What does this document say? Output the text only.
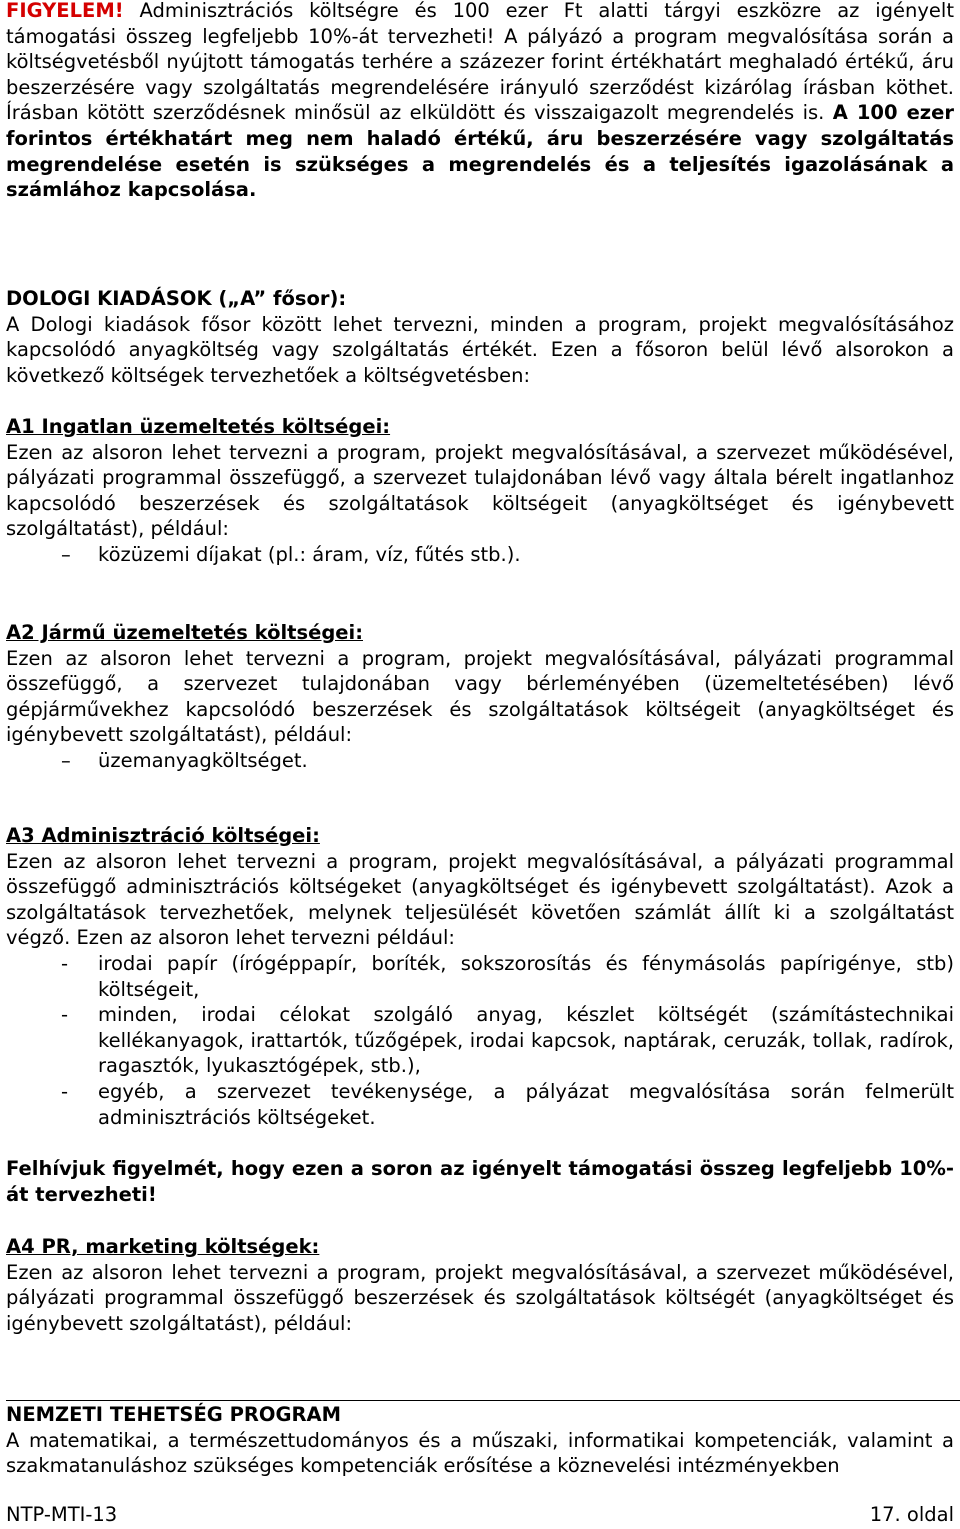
FIGYELEM! Adminisztrációs költségre és 100 ezer Ft alatti tárgyi eszközre az igényelt támogatási összeg legfeljebb 10%-át tervezheti! A pályázó a program megvalósítása során a költségvetésből nyújtott támogatás terhére a százezer forint értékhatárt meghaladó értékű, áru beszerzésére vagy szolgáltatás megrendelésére irányuló szerződést kizárólag írásban köthet. Írásban kötött szerződésnek minősül az elküldött és visszaigazolt megrendelés is. A 100 ezer forintos értékhatárt meg nem haladó értékű, áru beszerzésére vagy szolgáltatás megrendelése esetén is szükséges a megrendelés és a teljesítés igazolásának a számlához kapcsolása.

DOLOGI KIADÁSOK („A” fősor):

A Dologi kiadások fősor között lehet tervezni, minden a program, projekt megvalósításához kapcsolódó anyagköltség vagy szolgáltatás értékét. Ezen a fősoron belül lévő alsorokon a következő költségek tervezhetőek a költségvetésben:

A1 Ingatlan üzemeltetés költségei:

Ezen az alsoron lehet tervezni a program, projekt megvalósításával, a szervezet működésével, pályázati programmal összefüggő, a szervezet tulajdonában lévő vagy általa bérelt ingatlanhoz kapcsolódó beszerzések és szolgáltatások költségeit (anyagköltséget és igénybevett szolgáltatást), például:

– közüzemi díjakat (pl.: áram, víz, fűtés stb.).

A2 Jármű üzemeltetés költségei:

Ezen az alsoron lehet tervezni a program, projekt megvalósításával, pályázati programmal összefüggő, a szervezet tulajdonában vagy bérleményében (üzemeltetésében) lévő gépjárművekhez kapcsolódó beszerzések és szolgáltatások költségeit (anyagköltséget és igénybevett szolgáltatást), például:

– üzemanyagköltséget.

A3 Adminisztráció költségei:

Ezen az alsoron lehet tervezni a program, projekt megvalósításával, a pályázati programmal összefüggő adminisztrációs költségeket (anyagköltséget és igénybevett szolgáltatást). Azok a szolgáltatások tervezhetőek, melynek teljesülését követően számlát állít ki a szolgáltatást végző. Ezen az alsoron lehet tervezni például:

- irodai papír (írógéppapír, boríték, sokszorosítás és fénymásolás papírigénye, stb) költségeit,

- minden, irodai célokat szolgáló anyag, készlet költségét (számítástechnikai kellékanyagok, irattartók, tűzőgépek, irodai kapcsok, naptárak, ceruzák, tollak, radírok, ragasztók, lyukasztógépek, stb.),

- egyéb, a szervezet tevékenysége, a pályázat megvalósítása során felmerült adminisztrációs költségeket.

Felhívjuk figyelmét, hogy ezen a soron az igényelt támogatási összeg legfeljebb 10%-át tervezheti!

A4 PR, marketing költségek:

Ezen az alsoron lehet tervezni a program, projekt megvalósításával, a szervezet működésével, pályázati programmal összefüggő beszerzések és szolgáltatások költségét (anyagköltséget és igénybevett szolgáltatást), például:

NEMZETI TEHETSÉG PROGRAM

A matematikai, a természettudományos és a műszaki, informatikai kompetenciák, valamint a szakmatanuláshoz szükséges kompetenciák erősítése a köznevelési intézményekben

NTP-MTI-13	17. oldal
